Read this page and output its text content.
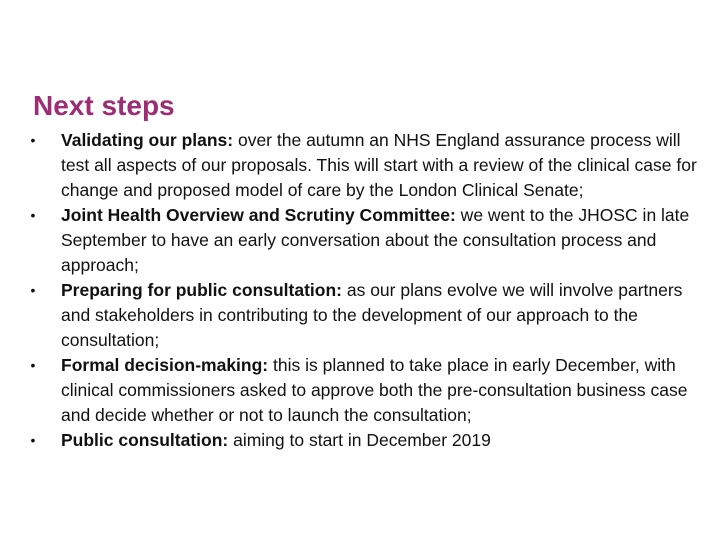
Next steps
• Validating our plans: over the autumn an NHS England assurance process will test all aspects of our proposals. This will start with a review of the clinical case for change and proposed model of care by the London Clinical Senate;
• Joint Health Overview and Scrutiny Committee: we went to the JHOSC in late September to have an early conversation about the consultation process and approach;
• Preparing for public consultation: as our plans evolve we will involve partners and stakeholders in contributing to the development of our approach to the consultation;
• Formal decision-making: this is planned to take place in early December, with clinical commissioners asked to approve both the pre-consultation business case and decide whether or not to launch the consultation;
• Public consultation: aiming to start in December 2019
